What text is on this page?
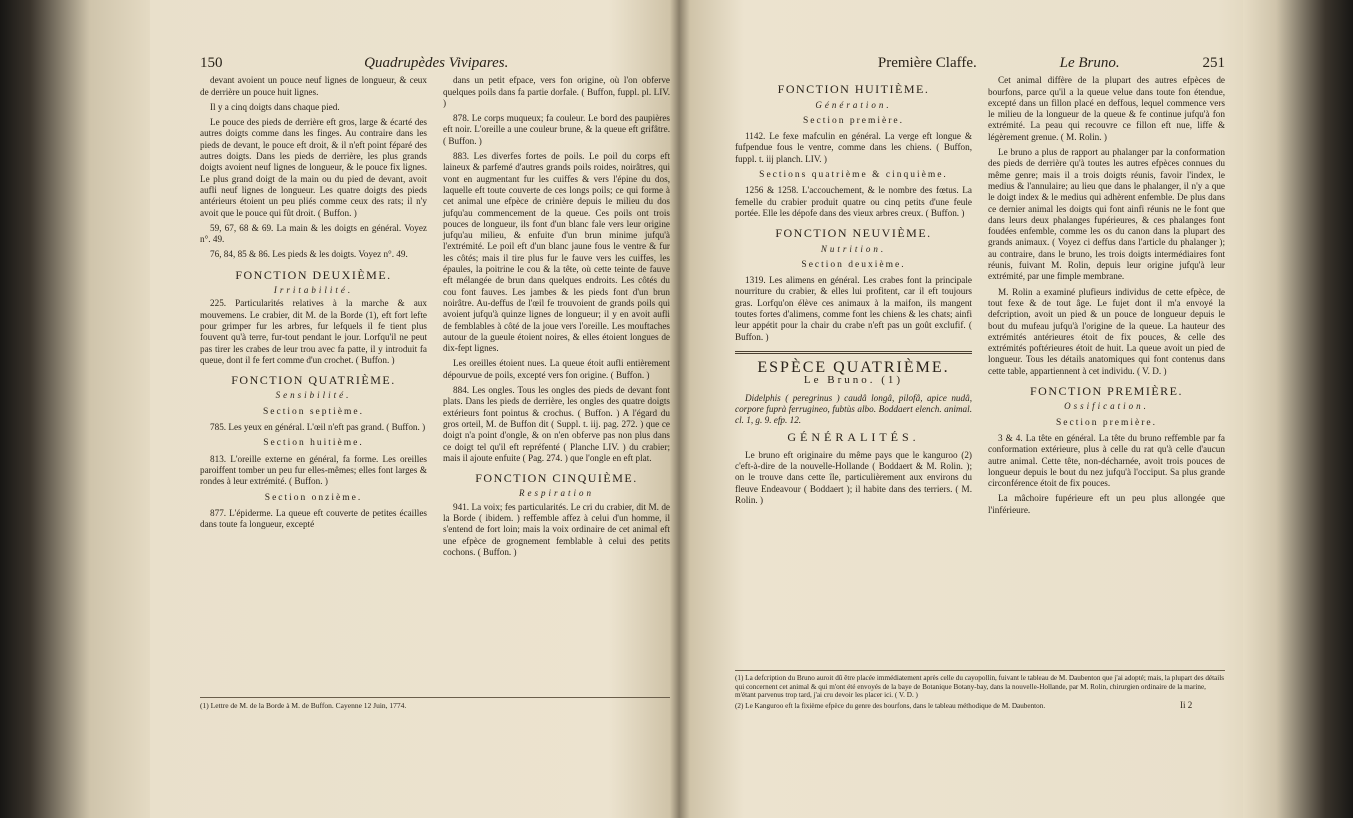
150	Quadrupèdes Vivipares.

devant avoient un pouce neuf lignes de longueur, & ceux de derrière un pouce huit lignes.

Il y a cinq doigts dans chaque pied.

Le pouce des pieds de derrière eft gros, large & écarté des autres doigts comme dans les finges. Au contraire dans les pieds de devant, le pouce eft droit, & il n'eft point féparé des autres doigts. Dans les pieds de derrière, les plus grands doigts avoient neuf lignes de longueur, & le pouce fix lignes. Le plus grand doigt de la main ou du pied de devant, avoit aufli neuf lignes de longueur. Les quatre doigts des pieds antérieurs étoient un peu pliés comme ceux des rats; il n'y avoit que le pouce qui fût droit. ( Buffon. )

59, 67, 68 & 69. La main & les doigts en général. Voyez n°. 49.

76, 84, 85 & 86. Les pieds & les doigts. Voyez n°. 49.

FONCTION DEUXIÈME.
Irritabilité.

225. Particularités relatives à la marche & aux mouvemens. Le crabier, dit M. de la Borde (1), eft fort lefte pour grimper fur les arbres, fur lefquels il fe tient plus fouvent qu'à terre, fur-tout pendant le jour. Lorfqu'il ne peut pas tirer les crabes de leur trou avec fa patte, il y introduit fa queue, dont il fe fert comme d'un crochet. ( Buffon. )

FONCTION QUATRIÈME.
Sensibilité.
Section septième.

785. Les yeux en général. L'œil n'eft pas grand. ( Buffon. )

Section huitième.

813. L'oreille externe en général, fa forme. Les oreilles paroiffent tomber un peu fur elles-mêmes; elles font larges & rondes à leur extrémité. ( Buffon. )

Section onzième.

877. L'épiderme. La queue eft couverte de petites écailles dans toute fa longueur, excepté

dans un petit efpace, vers fon origine, où l'on obferve quelques poils dans fa partie dorfale. ( Buffon, fuppl. pl. LIV. )

878. Le corps muqueux; fa couleur. Le bord des paupières eft noir. L'oreille a une couleur brune, & la queue eft grifâtre. ( Buffon. )

883. Les diverfes fortes de poils. Le poil du corps eft laineux & parfemé d'autres grands poils roides, noirâtres, qui vont en augmentant fur les cuiffes & vers l'épine du dos, laquelle eft toute couverte de ces longs poils; ce qui forme à cet animal une efpèce de crinière depuis le milieu du dos jufqu'au commencement de la queue. Ces poils ont trois pouces de longueur, ils font d'un blanc fale vers leur origine jufqu'au milieu, & enfuite d'un brun minime jufqu'à l'extrémité. Le poil eft d'un blanc jaune fous le ventre & fur les côtés; mais il tire plus fur le fauve vers les cuiffes, les épaules, la poitrine le cou & la tête, où cette teinte de fauve eft mélangée de brun dans quelques endroits. Les côtés du cou font fauves. Les jambes & les pieds font d'un brun noirâtre. Au-deffus de l'œil fe trouvoient de grands poils qui avoient jufqu'à quinze lignes de longueur; il y en avoit aufli de femblables à côté de la joue vers l'oreille. Les mouftaches autour de la gueule étoient noires, & elles étoient longues de dix-fept lignes.

Les oreilles étoient nues. La queue étoit aufli entièrement dépourvue de poils, excepté vers fon origine. ( Buffon. )

884. Les ongles. Tous les ongles des pieds de devant font plats. Dans les pieds de derrière, les ongles des quatre doigts extérieurs font pointus & crochus. ( Buffon. ) A l'égard du gros orteil, M. de Buffon dit ( Suppl. t. iij. pag. 272. ) que ce doigt n'a point d'ongle, & on n'en obferve pas non plus dans ce doigt tel qu'il eft repréfenté ( Planche LIV. ) du crabier; mais il ajoute enfuite ( Pag. 274. ) que l'ongle en eft plat.

FONCTION CINQUIÈME.
Respiration

941. La voix; fes particularités. Le cri du crabier, dit M. de la Borde ( ibidem. ) reffemble affez à celui d'un homme, il s'entend de fort loin; mais la voix ordinaire de cet animal eft une efpèce de grognement femblable à celui des petits cochons. ( Buffon. )

(1) Lettre de M. de la Borde à M. de Buffon. Cayenne 12 Juin, 1774.
Première Claffe.	Le Bruno.	251
FONCTION HUITIÈME.
Génération.
Section première.

1142. Le fexe mafculin en général. La verge eft longue & fufpendue fous le ventre, comme dans les chiens. ( Buffon, fuppl. t. iij planch. LIV. )

Sections quatrième & cinquième.

1256 & 1258. L'accouchement, & le nombre des fœtus. La femelle du crabier produit quatre ou cinq petits d'une feule portée. Elle les dépofe dans des vieux arbres creux. ( Buffon. )

FONCTION NEUVIÈME.
Nutrition.
Section deuxième.

1319. Les alimens en général. Les crabes font la principale nourriture du crabier, & elles lui profitent, car il eft toujours gras. Lorfqu'on élève ces animaux à la maifon, ils mangent toutes fortes d'alimens, comme font les chiens & les chats; ainfi leur appétit pour la chair du crabe n'eft pas un goût exclufif. ( Buffon. )

ESPÈCE QUATRIÈME.
Le Bruno. (1)

Didelphis ( peregrinus ) caudâ longâ, pilofâ, apice nudâ, corpore fuprà ferrugineo, fubtùs albo. Boddaert elench. animal. cl. 1, g. 9. efp. 12.

GÉNÉRALITÉS.

Le bruno eft originaire du même pays que le kanguroo (2) c'eft-à-dire de la nouvelle-Hollande ( Boddaert & M. Rolin. ); on le trouve dans cette île, particulièrement aux environs du fleuve Endeavour ( Boddaert ); il habite dans des terriers. ( M. Rolin. )

Cet animal diffère de la plupart des autres efpèces de bourfons, parce qu'il a la queue velue dans toute fon étendue, excepté dans un fillon placé en deffous, lequel commence vers le milieu de la longueur de la queue & fe continue jufqu'à fon extrémité. La peau qui recouvre ce fillon eft nue, liffe & légèrement grenue. ( M. Rolin. )

Le bruno a plus de rapport au phalanger par la conformation des pieds de derrière qu'à toutes les autres efpèces connues du même genre; mais il a trois doigts réunis, favoir l'index, le medius & l'annulaire; au lieu que dans le phalanger, il n'y a que le doigt index & le medius qui adhèrent enfemble. De plus dans ce dernier animal les doigts qui font ainfi réunis ne le font que dans leurs deux phalanges fupérieures, & ces phalanges font foudées enfemble, comme les os du canon dans la plupart des grands animaux. ( Voyez ci deffus dans l'article du phalanger ); au contraire, dans le bruno, les trois doigts intermédiaires font réunis, fuivant M. Rolin, depuis leur origine jufqu'à leur extrémité, par une fimple membrane.

M. Rolin a examiné plufieurs individus de cette efpèce, de tout fexe & de tout âge. Le fujet dont il m'a envoyé la defcription, avoit un pied & un pouce de longueur depuis le bout du mufeau jufqu'à l'origine de la queue. La hauteur des extrémités antérieures étoit de fix pouces, & celle des extrémités poftérieures étoit de huit. La queue avoit un pied de longueur. Tous les détails anatomiques qui font contenus dans cette table, appartiennent à cet individu. ( V. D. )

FONCTION PREMIÈRE.
Ossification.
Section première.

3 & 4. La tête en général. La tête du bruno reffemble par fa conformation extérieure, plus à celle du rat qu'à celle d'aucun autre animal. Cette tête, non-décharnée, avoit trois pouces de longueur depuis le bout du nez jufqu'à l'occiput. Sa plus grande circonférence étoit de fix pouces.

La mâchoire fupérieure eft un peu plus allongée que l'inférieure.

(1) La defcription du Bruno auroit dû être placée immédiatement après celle du cayopollin, fuivant le tableau de M. Daubenton que j'ai adopté; mais, la plupart des détails qui concernent cet animal & qui m'ont été envoyés de la baye de Botanique Botany-bay, dans la nouvelle-Hollande, par M. Rolin, chirurgien ordinaire de la marine, m'étant parvenus trop tard, j'ai cru devoir les placer ici. ( V. D. )

(2) Le Kanguroo eft la fixième efpèce du genre des bourfons, dans le tableau méthodique de M. Daubenton.	Ii 2
